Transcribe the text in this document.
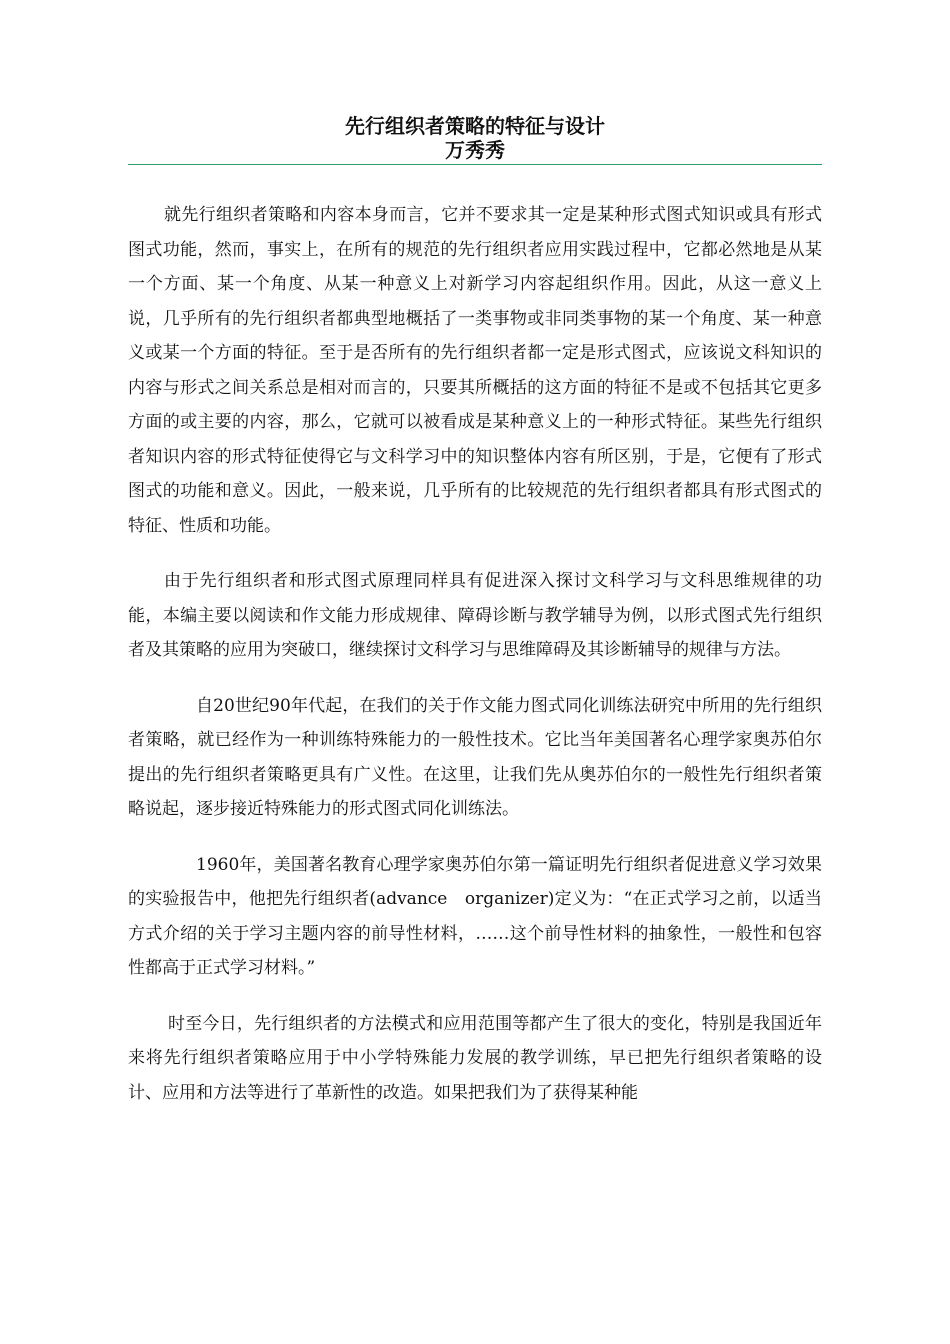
先行组织者策略的特征与设计
万秀秀

就先行组织者策略和内容本身而言，它并不要求其一定是某种形式图式知识或具有形式图式功能，然而，事实上，在所有的规范的先行组织者应用实践过程中，它都必然地是从某一个方面、某一个角度、从某一种意义上对新学习内容起组织作用。因此，从这一意义上说，几乎所有的先行组织者都典型地概括了一类事物或非同类事物的某一个角度、某一种意义或某一个方面的特征。至于是否所有的先行组织者都一定是形式图式，应该说文科知识的内容与形式之间关系总是相对而言的，只要其所概括的这方面的特征不是或不包括其它更多方面的或主要的内容，那么，它就可以被看成是某种意义上的一种形式特征。某些先行组织者知识内容的形式特征使得它与文科学习中的知识整体内容有所区别，于是，它便有了形式图式的功能和意义。因此，一般来说，几乎所有的比较规范的先行组织者都具有形式图式的特征、性质和功能。

由于先行组织者和形式图式原理同样具有促进深入探讨文科学习与文科思维规律的功能，本编主要以阅读和作文能力形成规律、障碍诊断与教学辅导为例，以形式图式先行组织者及其策略的应用为突破口，继续探讨文科学习与思维障碍及其诊断辅导的规律与方法。

自20世纪90年代起，在我们的关于作文能力图式同化训练法研究中所用的先行组织者策略，就已经作为一种训练特殊能力的一般性技术。它比当年美国著名心理学家奥苏伯尔提出的先行组织者策略更具有广义性。在这里，让我们先从奥苏伯尔的一般性先行组织者策略说起，逐步接近特殊能力的形式图式同化训练法。

1960年，美国著名教育心理学家奥苏伯尔第一篇证明先行组织者促进意义学习效果的实验报告中，他把先行组织者(advance　organizer)定义为：“在正式学习之前，以适当方式介绍的关于学习主题内容的前导性材料，……这个前导性材料的抽象性，一般性和包容性都高于正式学习材料。”

时至今日，先行组织者的方法模式和应用范围等都产生了很大的变化，特别是我国近年来将先行组织者策略应用于中小学特殊能力发展的教学训练，早已把先行组织者策略的设计、应用和方法等进行了革新性的改造。如果把我们为了获得某种能
